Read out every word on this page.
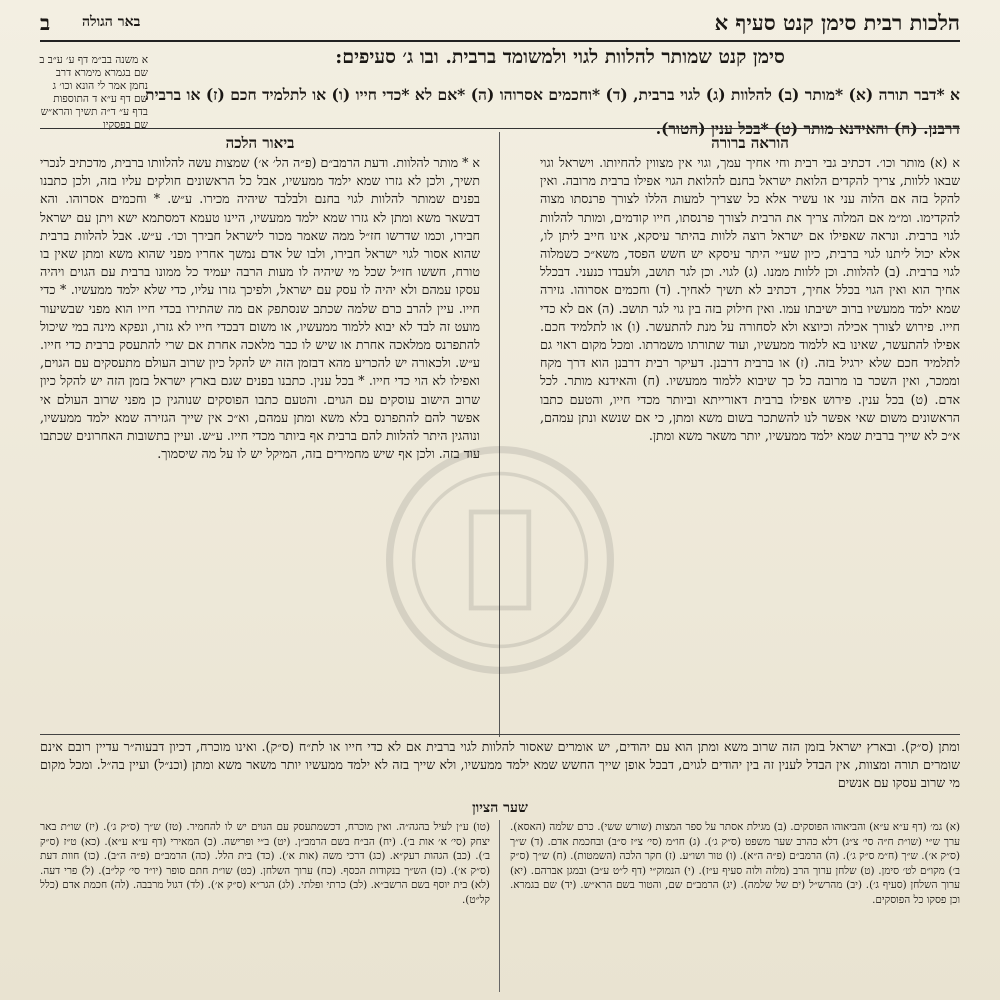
הלכות רבית סימן קנט סעיף א
באר הגולה
ב
סימן קנט שמותר להלוות לגוי ולמשומד ברבית. ובו ג׳ סעיפים:
א *דבר תורה (א) *מותר (ב) להלוות (ג) לגוי ברבית, (ד) *וחכמים אסרוהו (ה) *אם לא *כדי חייו (ו) או לתלמיד חכם (ז) או ברבית דרבנן. (ח) והאידנא מותר (ט) *בכל ענין (הטור).
א משנה בב״מ דף ע׳ ע״ב ב שם בגמרא מימרא דרב נחמן אמר לי הונא וכו׳ ג שם דף ע״א ד התוספות בדף ע״ ד״ה תשיך והרא״ש שם בפסקיו
הוראה ברורה
ביאור הלכה
א (א) מותר וכו׳. דכתיב גבי רבית וחי אחיך עמך, וגוי אין מצווין להחיותו. וישראל וגוי שבאו ללוות, צריך להקדים הלואת ישראל בחנם להלואת הגוי אפילו ברבית מרובה. ואין להקל בזה אם הלוה עני או עשיר אלא כל שצריך למעות הללו לצורך פרנסתו מצוה להקדימו. ומ״מ אם המלוה צריך את הרבית לצורך פרנסתו, חייו קודמים, ומותר להלוות לגוי ברבית. ונראה שאפילו אם ישראל רוצה ללוות בהיתר עיסקא, אינו חייב ליתן לו, אלא יכול ליתנו לגוי ברבית, כיון שע״י היתר עיסקא יש חשש הפסד, משא״כ כשמלוה לגוי ברבית. (ב) להלוות. וכן ללוות ממנו. (ג) לגוי. וכן לגר תושב, ולעבדו כנעני. דבכלל אחיך הוא ואין הגוי בכלל אחיך, דכתיב לא תשיך לאחיך. (ד) וחכמים אסרוהו. גזירה שמא ילמד ממעשיו ברוב ישיבתו עמו. ואין חילוק בזה בין גוי לגר תושב. (ה) אם לא כדי חייו. פירוש לצורך אכילה וכיוצא ולא לסחורה על מנת להתעשר. (ו) או לתלמיד חכם. אפילו להתעשר, שאינו בא ללמוד ממעשיו, ועוד שתורתו משמרתו. ומכל מקום ראוי גם לתלמיד חכם שלא ירגיל בזה. (ז) או ברבית דרבנן. דעיקר רבית דרבנן הוא דרך מקח וממכר, ואין השכר בו מרובה כל כך שיבוא ללמוד ממעשיו. (ח) והאידנא מותר. לכל אדם. (ט) בכל ענין. פירוש אפילו ברבית דאורייתא וביותר מכדי חייו, והטעם כתבו הראשונים משום שאי אפשר לנו להשתכר בשום משא ומתן, כי אם שנשא ונתן עמהם, א״כ לא שייך ברבית שמא ילמד ממעשיו, יותר משאר משא ומתן.
א * מותר להלוות. ודעת הרמב״ם (פ״ה הל׳ א׳) שמצות עשה להלוותו ברבית, מדכתיב לנכרי תשיך, ולכן לא גזרו שמא ילמד ממעשיו, אבל כל הראשונים חולקים עליו בזה, ולכן כתבנו בפנים שמותר להלוות לגוי בחנם ולבלבד שיהיה מכירו. ע״ש. * וחכמים אסרוהו. והא דבשאר משא ומתן לא גזרו שמא ילמד ממעשיו, היינו טעמא דמסתמא ישא ויתן עם ישראל חבירו, וכמו שדרשו חז״ל ממה שאמר מכור לישראל חבירך וכו׳. ע״ש. אבל להלוות ברבית שהוא אסור לגוי ישראל חבירו, ולבו של אדם נמשך אחריו מפני שהוא משא ומתן שאין בו טורח, חששו חז״ל שכל מי שיהיה לו מעות הרבה יעמיד כל ממונו ברבית עם הגוים ויהיה עסקו עמהם ולא יהיה לו עסק עם ישראל, ולפיכך גזרו עליו, כדי שלא ילמד ממעשיו. * כדי חייו. עיין להרב כרם שלמה שכתב שנסתפק אם מה שהתירו בכדי חייו הוא מפני שבשיעור מועט זה לבד לא יבוא ללמוד ממעשיו, או משום דבכדי חייו לא גזרו, ונפקא מינה במי שיכול להתפרנס ממלאכה אחרת או שיש לו כבר מלאכה אחרת אם שרי להתעסק ברבית כדי חייו. ע״ש. ולכאורה יש להכריע מהא דבזמן הזה יש להקל כיון שרוב העולם מתעסקים עם הגוים, ואפילו לא הוי כדי חייו. * בכל ענין. כתבנו בפנים שגם בארץ ישראל בזמן הזה יש להקל כיון שרוב הישוב עוסקים עם הגוים. והטעם כתבו הפוסקים שנוהגין כן מפני שרוב העולם אי אפשר להם להתפרנס בלא משא ומתן עמהם, וא״כ אין שייך הגזירה שמא ילמד ממעשיו, ונוהגין היתר להלוות להם ברבית אף ביותר מכדי חייו. ע״ש. ועיין בתשובות האחרונים שכתבו עוד בזה. ולכן אף שיש מחמירים בזה, המיקל יש לו על מה שיסמוך.
ומתן (ס״ק). ובארץ ישראל בזמן הזה שרוב משא ומתן הוא עם יהודים, יש אומרים שאסור להלוות לגוי ברבית אם לא כדי חייו או לת״ח (ס״ק). ואינו מוכרח, דכיון דבעוה״ר עדיין רובם אינם שומרים תורה ומצוות, אין הבדל לענין זה בין יהודים לגוים, דבכל אופן שייך החשש שמא ילמד ממעשיו, ולא שייך בזה לא ילמד ממעשיו יותר משאר משא ומתן (וכנ״ל) ועיין בה״ל. ומכל מקום מי שרוב עסקו עם אנשים
שער הציון
(א) גמ׳ (דף ע״א ע״א) והביאוהו הפוסקים. (ב) מגילת אסתר על ספר המצות (שורש ששי). כרם שלמה (האסא). ערך ש״י (שו״ת ח״ה סי׳ צ״ג) דלא כהרב שער משפט (ס״ק ג׳). (ג) חו״מ (סי׳ צ״ז ס״ב) ובחכמת אדם. (ד) ש״ך (ס״ק א׳). ש״ך (ח״מ ס״ק ג׳). (ה) הרמב״ם (פ״ה ה״א). (ו) טור ושו״ע. (ז) חקר הלכה (השמטות). (ח) ש״ך (ס״ק ב׳) מקו״ם לט׳ סימן. (ט) שלחן ערוך הרב (מלוה ולוה סעיף ע״ז). (י) הנמוק״י (דף ל״ט ע״ב) ובמגן אברהם. (יא) ערוך השלחן (סעיף ג׳). (יב) מהרש״ל (ים של שלמה). (יג) הרמב״ם שם, והטור בשם הרא״ש. (יד) שם בגמרא. וכן פסקו כל הפוסקים.
(טו) ע״ן לעיל בהגה״ה. ואין מוכרח, דכשמתעסק עם הגוים יש לו להחמיר. (טז) ש״ך (ס״ק ג׳). (יז) שו״ת באר יצחק (סי׳ א׳ אות ב׳). (יח) הב״ח בשם הרמב״ן. (יט) ב״י ופרישה. (כ) המאירי (דף ע״א ע״א). (כא) ט״ז (ס״ק ב׳). (כב) הגהות רעק״א. (כג) דרכי משה (אות א׳). (כד) בית הלל. (כה) הרמב״ם (פ״ה ה״ב). (כו) חוות דעת (ס״ק א׳). (כז) הש״ך בנקודות הכסף. (כח) ערוך השלחן. (כט) שו״ת חתם סופר (יו״ד סי׳ קל״ב). (ל) פרי דעה. (לא) בית יוסף בשם הרשב״א. (לב) כרתי ופלתי. (לג) הגר״א (ס״ק א׳). (לד) דגול מרבבה. (לה) חכמת אדם (כלל קל״ט).
